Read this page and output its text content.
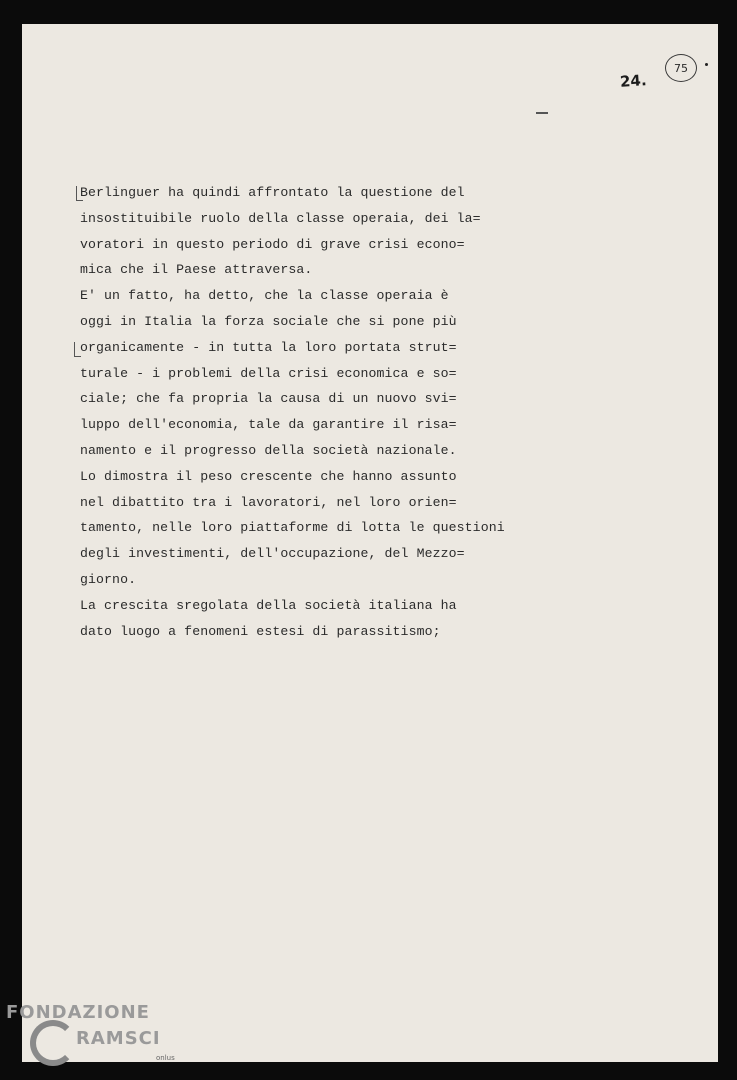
24.
75
Berlinguer ha quindi affrontato la questione del
insostituibile ruolo della classe operaia, dei la=
voratori in questo periodo di grave crisi econo=
mica che il Paese attraversa.
E' un fatto, ha detto, che la classe operaia è
oggi in Italia la forza sociale che si pone più
organicamente - in tutta la loro portata strut=
turale - i problemi della crisi economica e so=
ciale; che fa propria la causa di un nuovo svi=
luppo dell'economia, tale da garantire il risa=
namento e il progresso della società nazionale.
Lo dimostra il peso crescente che hanno assunto
nel dibattito tra i lavoratori, nel loro orien=
tamento, nelle loro piattaforme di lotta le questioni
degli investimenti, dell'occupazione, del Mezzo=
giorno.
La crescita sregolata della società italiana ha
dato luogo a fenomeni estesi di parassitismo;
FONDAZIONE
RAMSCI
onlus
